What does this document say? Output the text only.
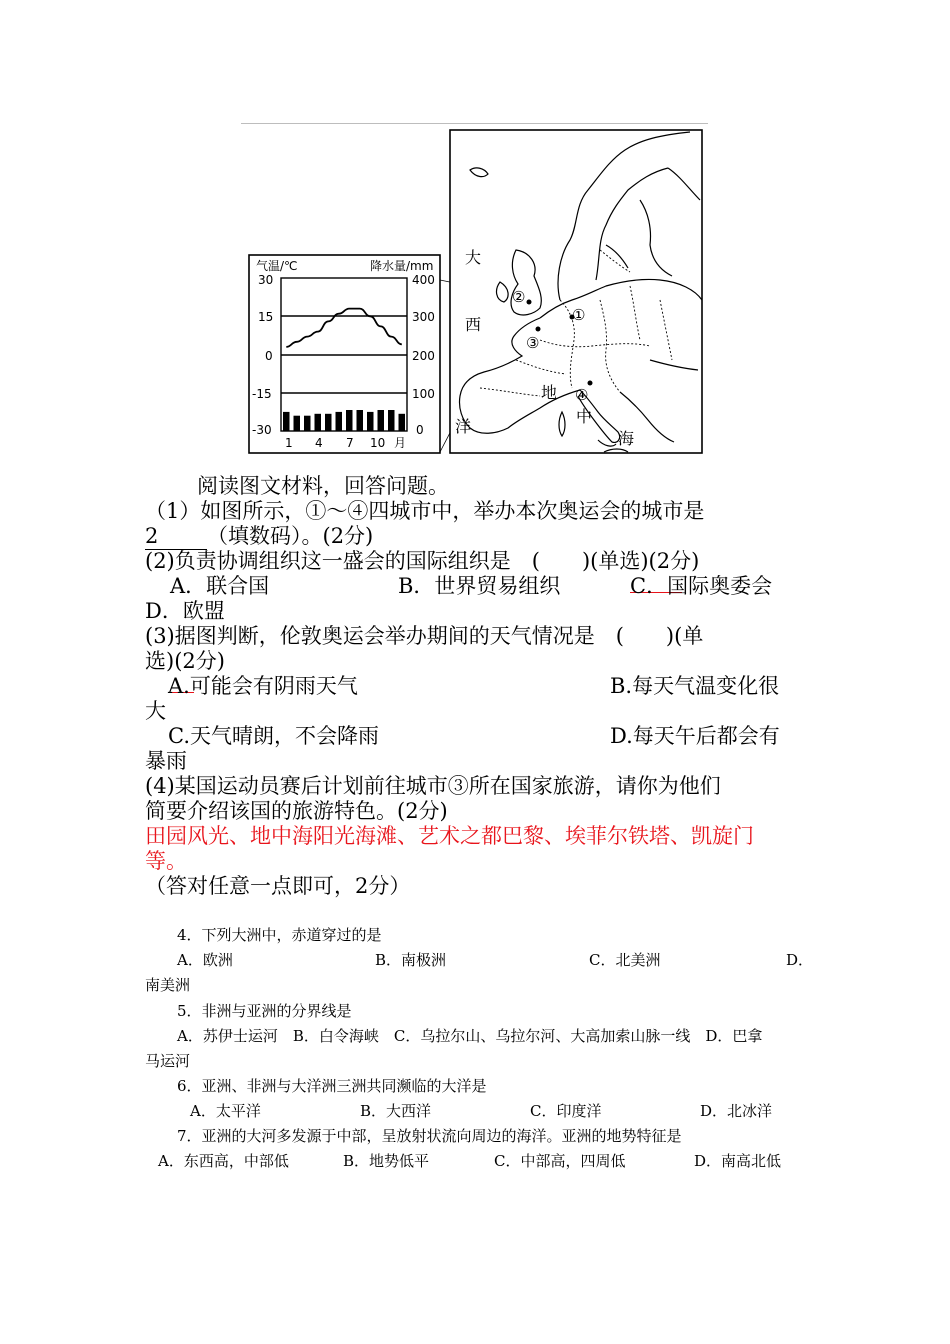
气温/℃	降水量/mm
30
15
0
-15
-30
400
300
200
100
0
1 4 7 10 月
大
西
洋
地
中
海
②
①
③
④
阅读图文材料，回答问题。
（1）如图所示，①～④四城市中，举办本次奥运会的城市是
2 （填数码）。(2分)
(2)负责协调组织这一盛会的国际组织是　(　　)(单选)(2分)
A．联合国	B．世界贸易组织	C．国际奥委会
D．欧盟
(3)据图判断，伦敦奥运会举办期间的天气情况是　(　　)(单
选)(2分)
A.可能会有阴雨天气	B.每天气温变化很
大
C.天气晴朗，不会降雨	D.每天午后都会有
暴雨
(4)某国运动员赛后计划前往城市③所在国家旅游，请你为他们
简要介绍该国的旅游特色。(2分)
田园风光、地中海阳光海滩、艺术之都巴黎、埃菲尔铁塔、凯旋门
等。
（答对任意一点即可，2分）
4．下列大洲中，赤道穿过的是
A．欧洲	B．南极洲	C．北美洲	D．
南美洲
5．非洲与亚洲的分界线是
A．苏伊士运河　B．白令海峡　C．乌拉尔山、乌拉尔河、大高加索山脉一线　D．巴拿
马运河
6．亚洲、非洲与大洋洲三洲共同濒临的大洋是
A．太平洋	B．大西洋	C．印度洋	D．北冰洋
7．亚洲的大河多发源于中部，呈放射状流向周边的海洋。亚洲的地势特征是
A．东西高，中部低	B．地势低平	C．中部高，四周低	D．南高北低
